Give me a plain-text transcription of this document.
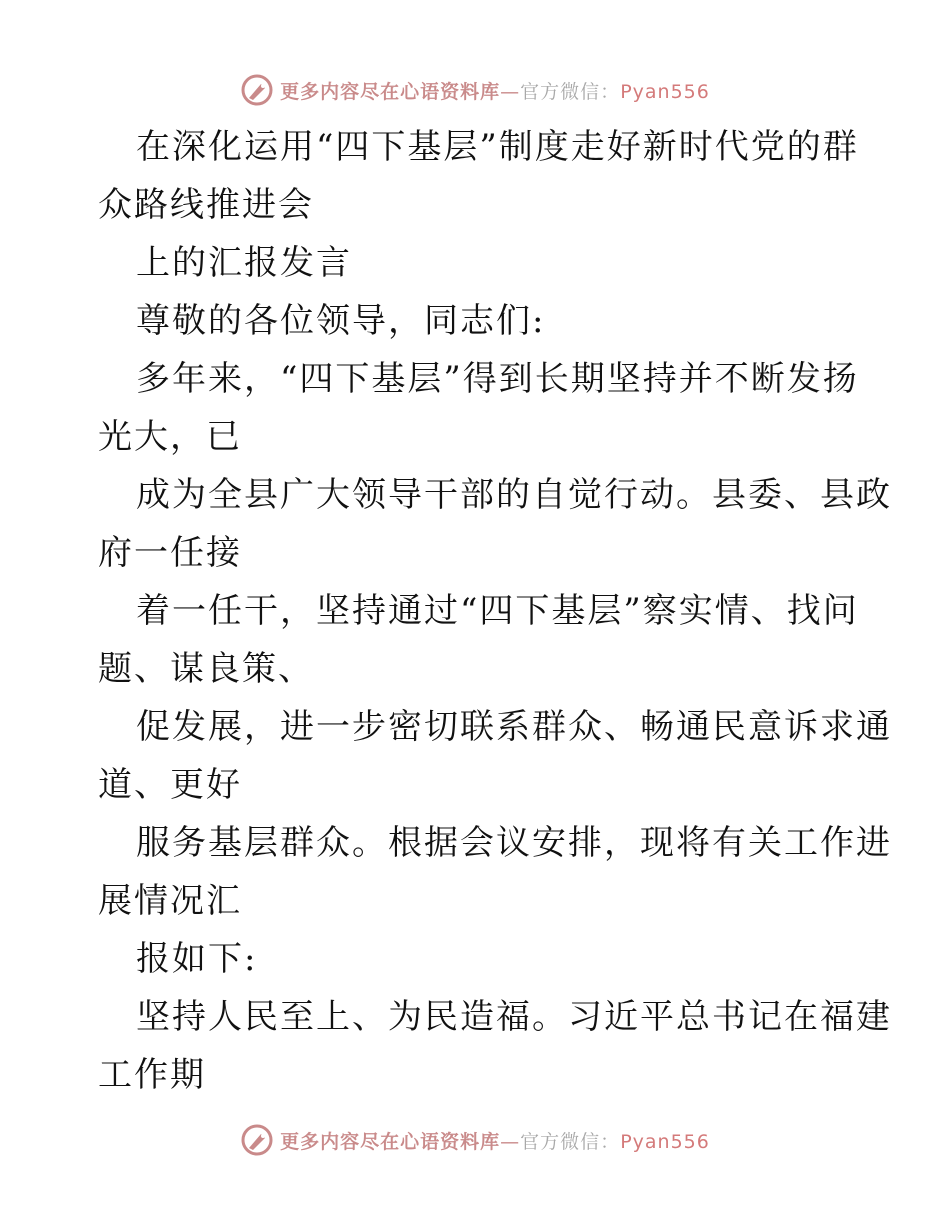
更多内容尽在心语资料库—官方微信：Pyan556
在深化运用“四下基层”制度走好新时代党的群
众路线推进会
上的汇报发言
尊敬的各位领导，同志们:
多年来，“四下基层”得到长期坚持并不断发扬
光大，已
成为全县广大领导干部的自觉行动。县委、县政
府一任接
着一任干，坚持通过“四下基层”察实情、找问
题、谋良策、
促发展，进一步密切联系群众、畅通民意诉求通
道、更好
服务基层群众。根据会议安排，现将有关工作进
展情况汇
报如下:
坚持人民至上、为民造福。习近平总书记在福建
工作期
更多内容尽在心语资料库—官方微信：Pyan556
